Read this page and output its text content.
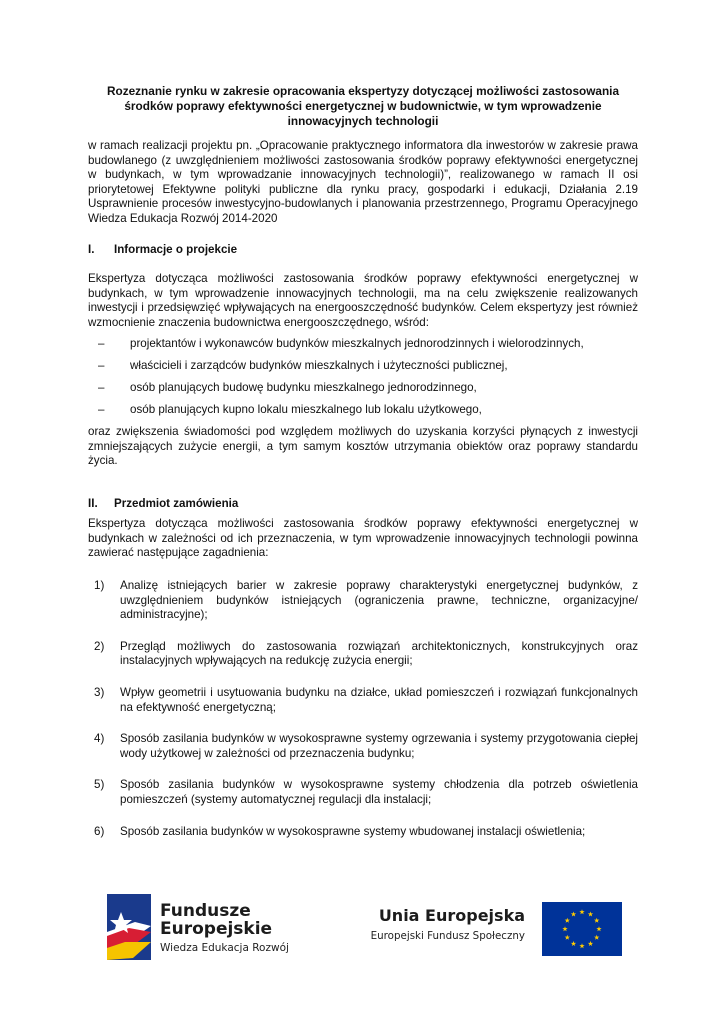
Rozeznanie rynku w zakresie opracowania ekspertyzy dotyczącej możliwości zastosowania środków poprawy efektywności energetycznej w budownictwie, w tym wprowadzenie innowacyjnych technologii

w ramach realizacji projektu pn. „Opracowanie praktycznego informatora dla inwestorów w zakresie prawa budowlanego (z uwzględnieniem możliwości zastosowania środków poprawy efektywności energetycznej w budynkach, w tym wprowadzanie innowacyjnych technologii)”, realizowanego w ramach II osi priorytetowej Efektywne polityki publiczne dla rynku pracy, gospodarki i edukacji, Działania 2.19 Usprawnienie procesów inwestycyjno-budowlanych i planowania przestrzennego, Programu Operacyjnego Wiedza Edukacja Rozwój 2014-2020

I.	Informacje o projekcie

Ekspertyza dotycząca możliwości zastosowania środków poprawy efektywności energetycznej w budynkach, w tym wprowadzenie innowacyjnych technologii, ma na celu zwiększenie realizowanych inwestycji i przedsięwzięć wpływających na energooszczędność budynków. Celem ekspertyzy jest również wzmocnienie znaczenia budownictwa energooszczędnego, wśród:

–	projektantów i wykonawców budynków mieszkalnych jednorodzinnych i wielorodzinnych,
–	właścicieli i zarządców budynków mieszkalnych i użyteczności publicznej,
–	osób planujących budowę budynku mieszkalnego jednorodzinnego,
–	osób planujących kupno lokalu mieszkalnego lub lokalu użytkowego,

oraz zwiększenia świadomości pod względem możliwych do uzyskania korzyści płynących z inwestycji zmniejszających zużycie energii, a tym samym kosztów utrzymania obiektów oraz poprawy standardu życia.

II.	Przedmiot zamówienia

Ekspertyza dotycząca możliwości zastosowania środków poprawy efektywności energetycznej w budynkach w zależności od ich przeznaczenia, w tym wprowadzenie innowacyjnych technologii powinna zawierać następujące zagadnienia:

1)	Analizę istniejących barier w zakresie poprawy charakterystyki energetycznej budynków, z uwzględnieniem budynków istniejących (ograniczenia prawne, techniczne, organizacyjne/ administracyjne);
2)	Przegląd możliwych do zastosowania rozwiązań architektonicznych, konstrukcyjnych oraz instalacyjnych wpływających na redukcję zużycia energii;
3)	Wpływ geometrii i usytuowania budynku na działce, układ pomieszczeń i rozwiązań funkcjonalnych na efektywność energetyczną;
4)	Sposób zasilania budynków w wysokosprawne systemy ogrzewania i systemy przygotowania ciepłej wody użytkowej w zależności od przeznaczenia budynku;
5)	Sposób zasilania budynków w wysokosprawne systemy chłodzenia dla potrzeb oświetlenia pomieszczeń (systemy automatycznej regulacji dla instalacji;
6)	Sposób zasilania budynków w wysokosprawne systemy wbudowanej instalacji oświetlenia;
Fundusze
Europejskie
Wiedza Edukacja Rozwój
Unia Europejska
Europejski Fundusz Społeczny
